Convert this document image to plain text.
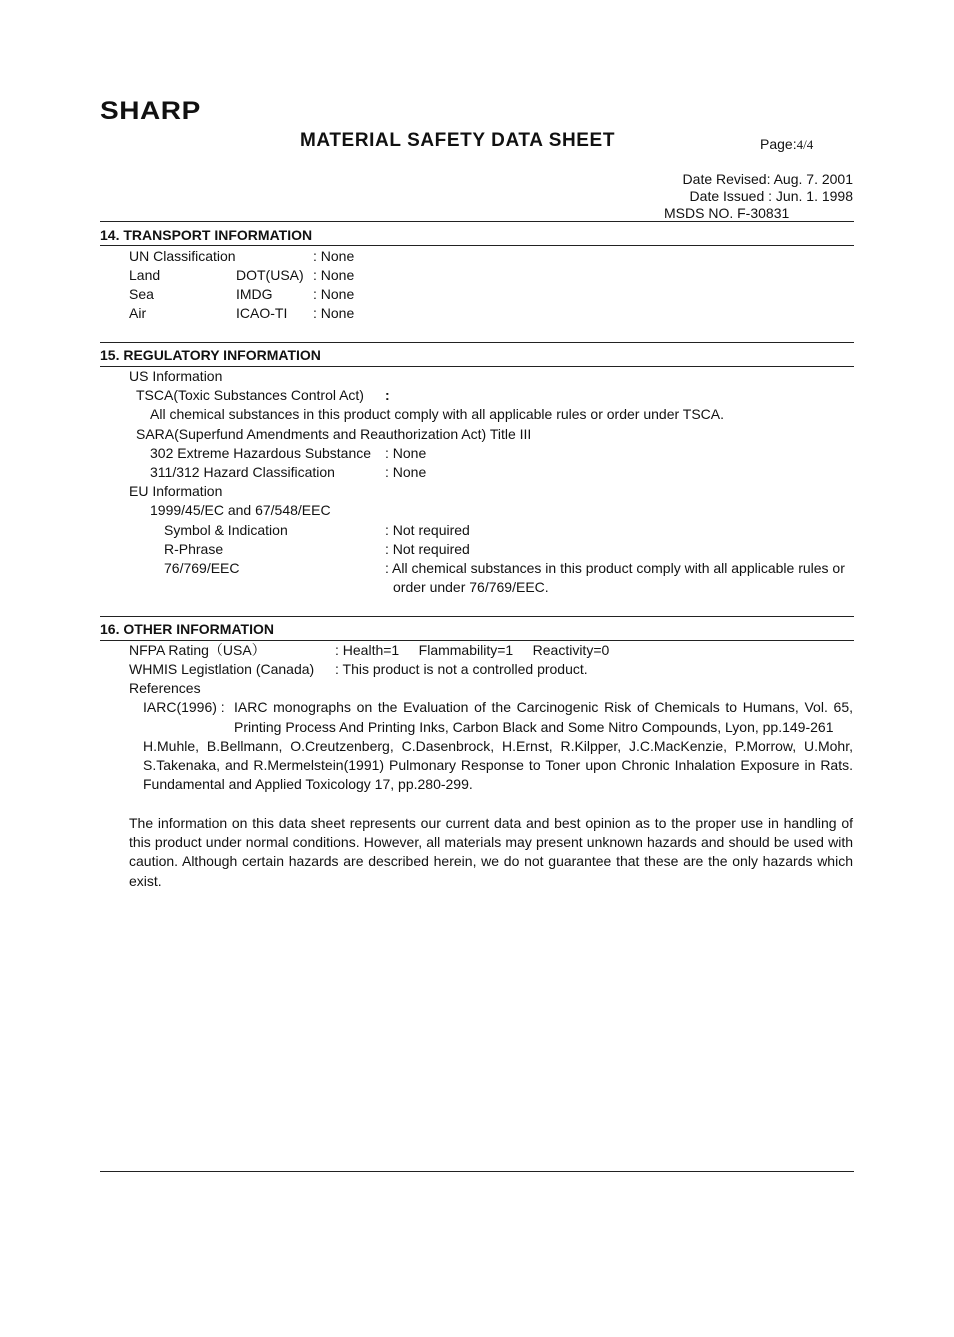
SHARP
MATERIAL SAFETY DATA SHEET	Page:4/4
Date Revised: Aug. 7. 2001
Date Issued : Jun. 1. 1998
MSDS NO. F-30831
14. TRANSPORT INFORMATION
UN Classification	: None
Land	DOT(USA) : None
Sea	IMDG	: None
Air	ICAO-TI : None
15. REGULATORY INFORMATION
US Information
TSCA(Toxic Substances Control Act) :
All chemical substances in this product comply with all applicable rules or order under TSCA.
SARA(Superfund Amendments and Reauthorization Act) Title III
302 Extreme Hazardous Substance : None
311/312 Hazard Classification	: None
EU Information
1999/45/EC and 67/548/EEC
Symbol & Indication	: Not required
R-Phrase	: Not required
76/769/EEC	: All chemical substances in this product comply with all applicable rules or
order under 76/769/EEC.
16. OTHER INFORMATION
NFPA Rating（USA）	: Health=1     Flammability=1     Reactivity=0
WHMIS Legistlation (Canada) : This product is not a controlled product.
References
IARC(1996) : IARC monographs on the Evaluation of the Carcinogenic Risk of Chemicals to Humans, Vol. 65,
Printing Process And Printing Inks, Carbon Black and Some Nitro Compounds, Lyon, pp.149-261
H.Muhle, B.Bellmann, O.Creutzenberg, C.Dasenbrock, H.Ernst, R.Kilpper, J.C.MacKenzie, P.Morrow, U.Mohr,
S.Takenaka, and R.Mermelstein(1991) Pulmonary Response to Toner upon Chronic Inhalation Exposure in Rats.
Fundamental and Applied Toxicology 17, pp.280-299.
The information on this data sheet represents our current data and best opinion as to the proper use in handling of
this product under normal conditions. However, all materials may present unknown hazards and should be used with
caution. Although certain hazards are described herein, we do not guarantee that these are the only hazards which
exist.
